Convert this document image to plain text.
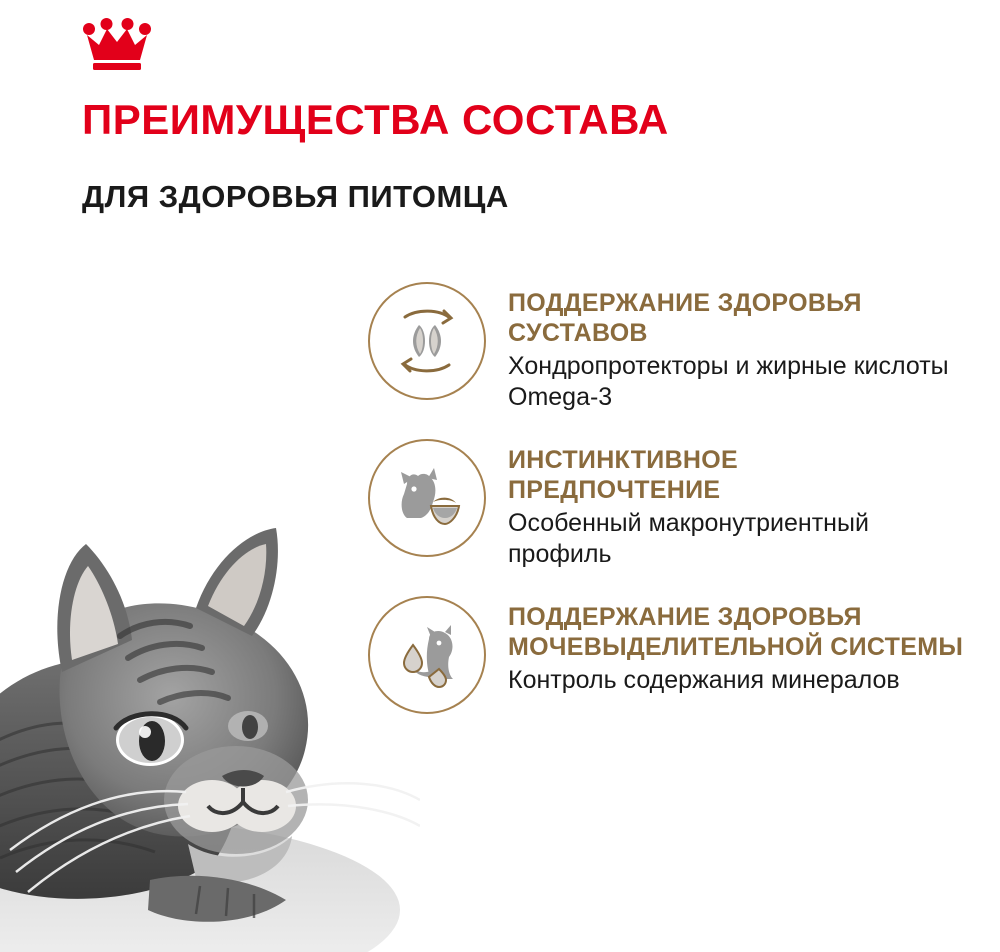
ПРЕИМУЩЕСТВА СОСТАВА
ДЛЯ ЗДОРОВЬЯ ПИТОМЦА
ПОДДЕРЖАНИЕ ЗДОРОВЬЯ СУСТАВОВ
Хондропротекторы и жирные кислоты Omega-3
ИНСТИНКТИВНОЕ ПРЕДПОЧТЕНИЕ
Особенный макронутриентный профиль
ПОДДЕРЖАНИЕ ЗДОРОВЬЯ МОЧЕВЫДЕЛИТЕЛЬНОЙ СИСТЕМЫ
Контроль содержания минералов
